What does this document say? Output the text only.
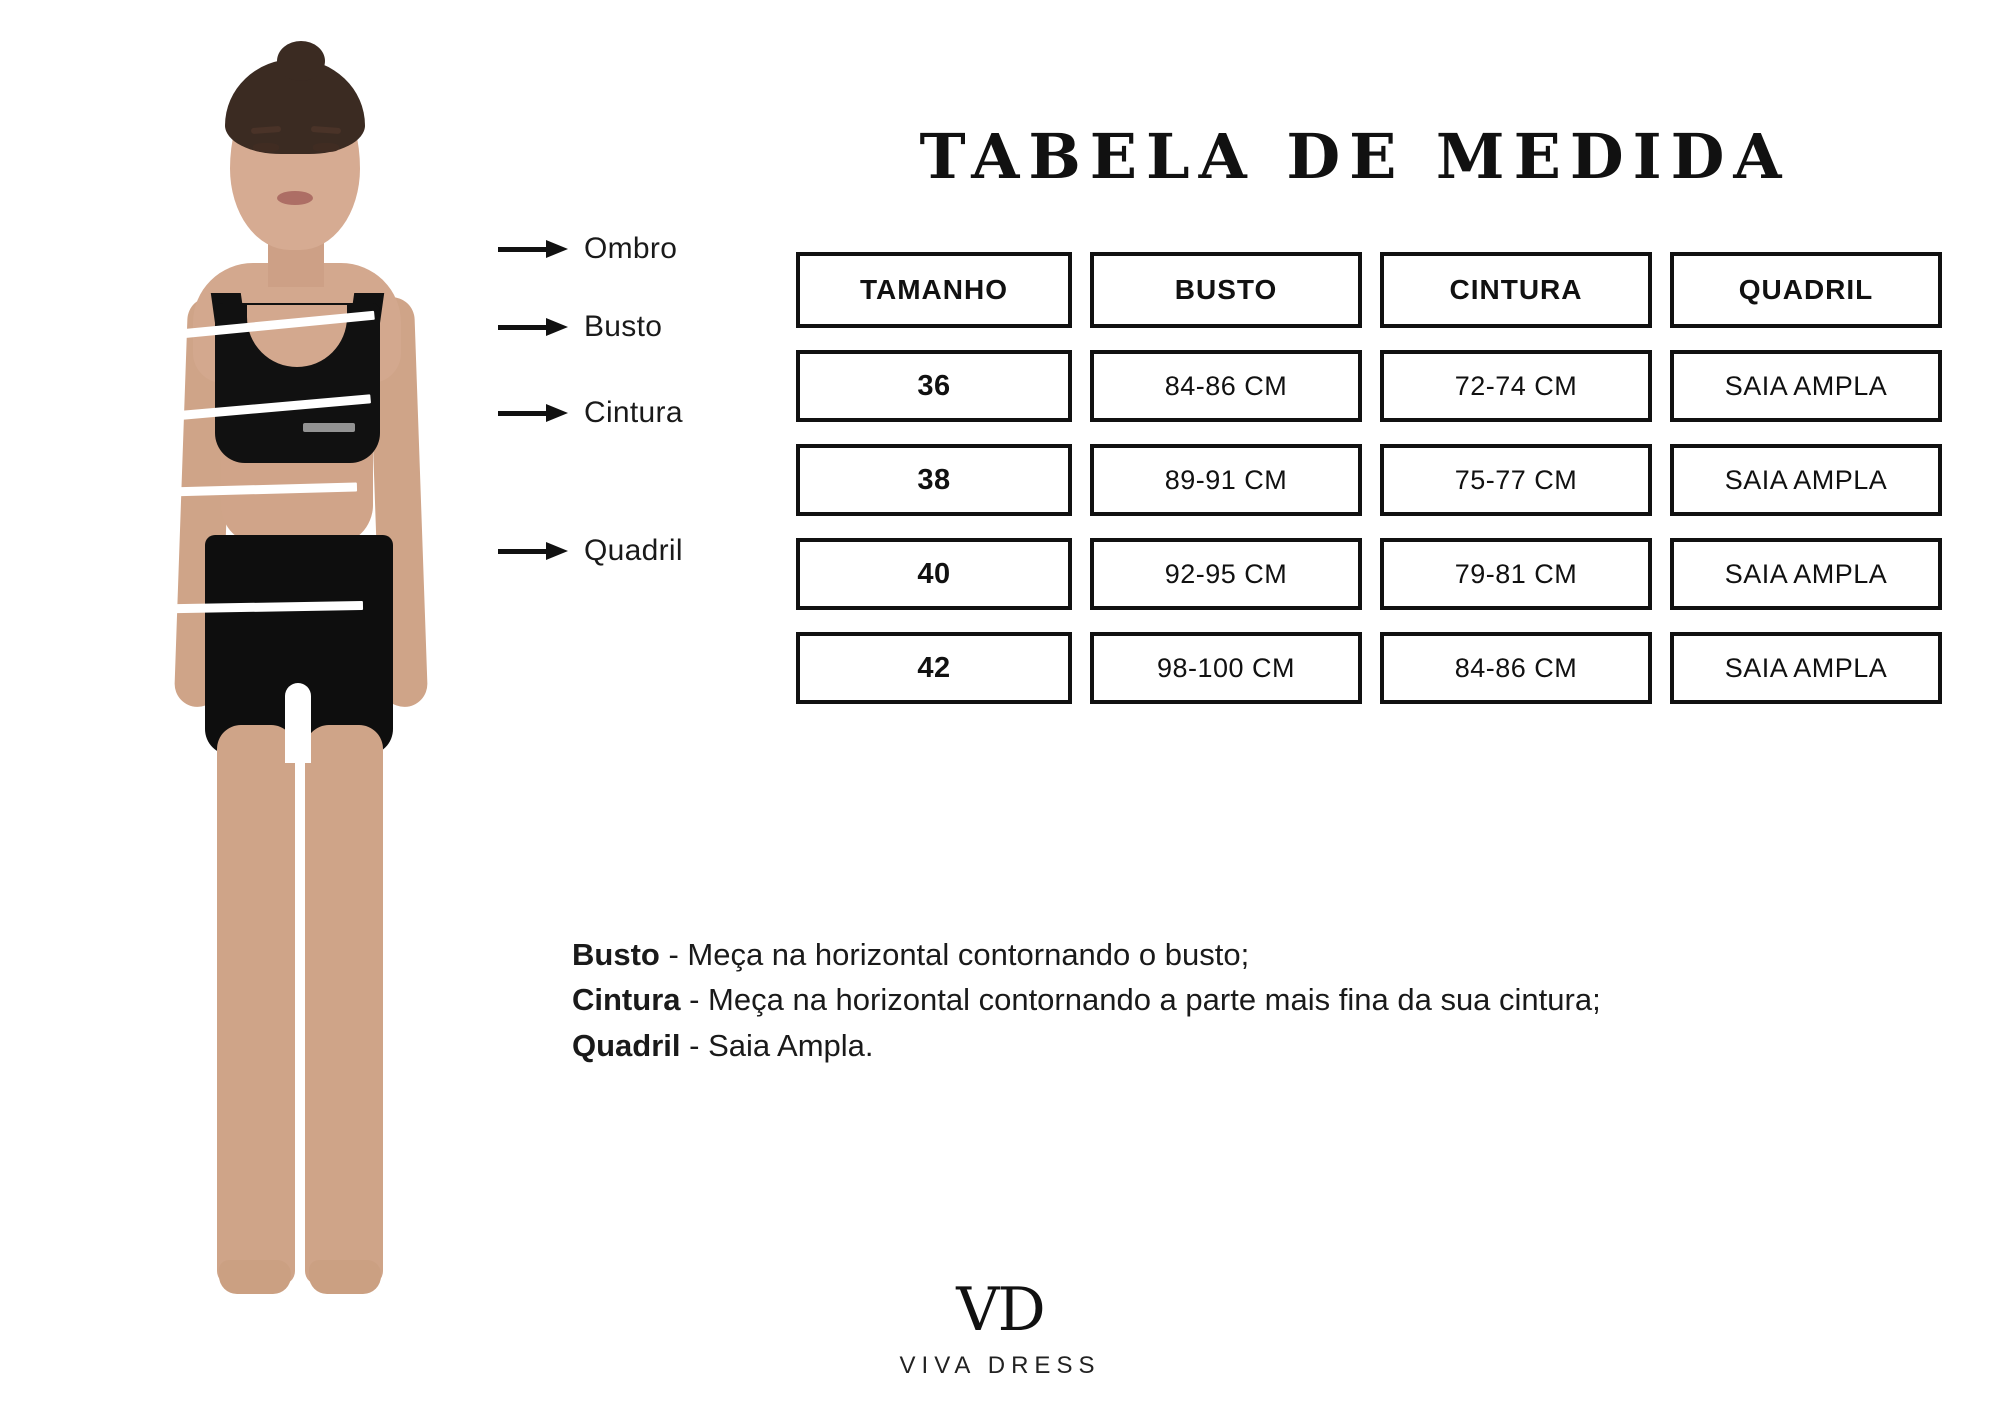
Ombro
Busto
Cintura
Quadril
TABELA DE MEDIDA
TAMANHO	BUSTO	CINTURA	QUADRIL
36	84-86 CM	72-74 CM	SAIA AMPLA
38	89-91 CM	75-77 CM	SAIA AMPLA
40	92-95 CM	79-81 CM	SAIA AMPLA
42	98-100 CM	84-86 CM	SAIA AMPLA
Busto - Meça na horizontal contornando o busto;
Cintura - Meça na horizontal contornando a parte mais fina da sua cintura;
Quadril - Saia Ampla.
VD
VIVA DRESS
